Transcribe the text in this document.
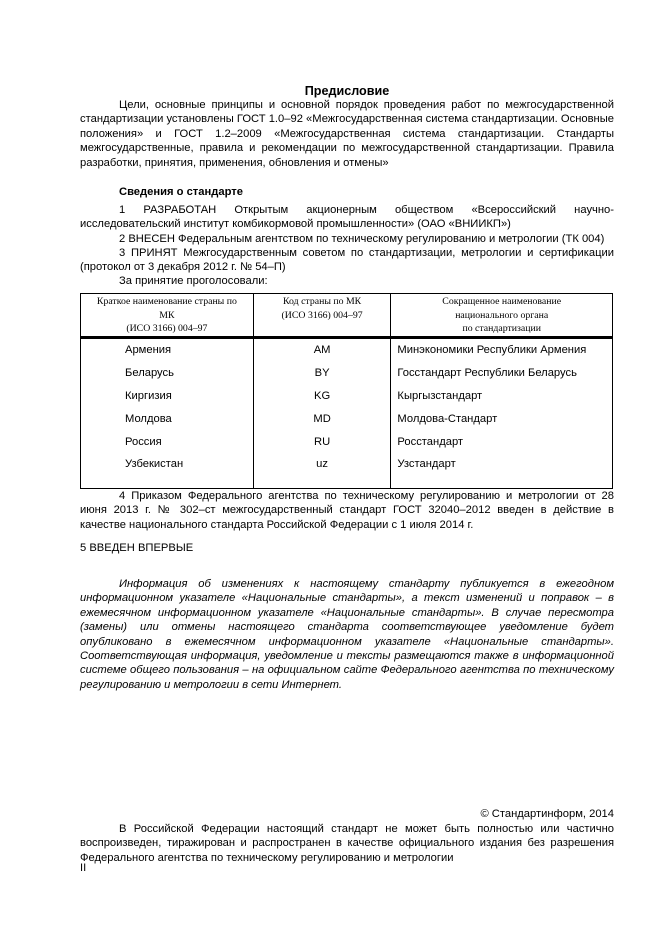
Предисловие

Цели, основные принципы и основной порядок проведения работ по межгосударственной стандартизации установлены ГОСТ 1.0–92 «Межгосударственная система стандартизации. Основные положения» и ГОСТ 1.2–2009 «Межгосударственная система стандартизации. Стандарты межгосударственные, правила и рекомендации по межгосударственной стандартизации. Правила разработки, принятия, применения, обновления и отмены»

Сведения о стандарте

1 РАЗРАБОТАН Открытым акционерным обществом «Всероссийский научно-исследовательский институт комбикормовой промышленности» (ОАО «ВНИИКП»)

2 ВНЕСЕН Федеральным агентством по техническому регулированию и метрологии (ТК 004)

3 ПРИНЯТ Межгосударственным советом по стандартизации, метрологии и сертификации (протокол от 3 декабря 2012 г. № 54–П)

За принятие проголосовали:
Краткое наименование страны по
МК
(ИСО 3166) 004–97	Код страны по МК
(ИСО 3166) 004–97	Сокращенное наименование
национального органа
по стандартизации

Армения	AM	Минэкономики Республики Армения
Беларусь	BY	Госстандарт Республики Беларусь
Киргизия	KG	Кыргызстандарт
Молдова	MD	Молдова-Стандарт
Россия	RU	Росстандарт
Узбекистан	uz	Узстандарт

4 Приказом Федерального агентства по техническому регулированию и метрологии от 28 июня 2013 г. № 302–ст межгосударственный стандарт ГОСТ 32040–2012 введен в действие в качестве национального стандарта Российской Федерации с 1 июля 2014 г.

5 ВВЕДЕН ВПЕРВЫЕ

Информация об изменениях к настоящему стандарту публикуется в ежегодном информационном указателе «Национальные стандарты», а текст изменений и поправок – в ежемесячном информационном указателе «Национальные стандарты». В случае пересмотра (замены) или отмены настоящего стандарта соответствующее уведомление будет опубликовано в ежемесячном информационном указателе «Национальные стандарты». Соответствующая информация, уведомление и тексты размещаются также в информационной системе общего пользования – на официальном сайте Федерального агентства по техническому регулированию и метрологии в сети Интернет.

© Стандартинформ, 2014

В Российской Федерации настоящий стандарт не может быть полностью или частично воспроизведен, тиражирован и распространен в качестве официального издания без разрешения Федерального агентства по техническому регулированию и метрологии

II
